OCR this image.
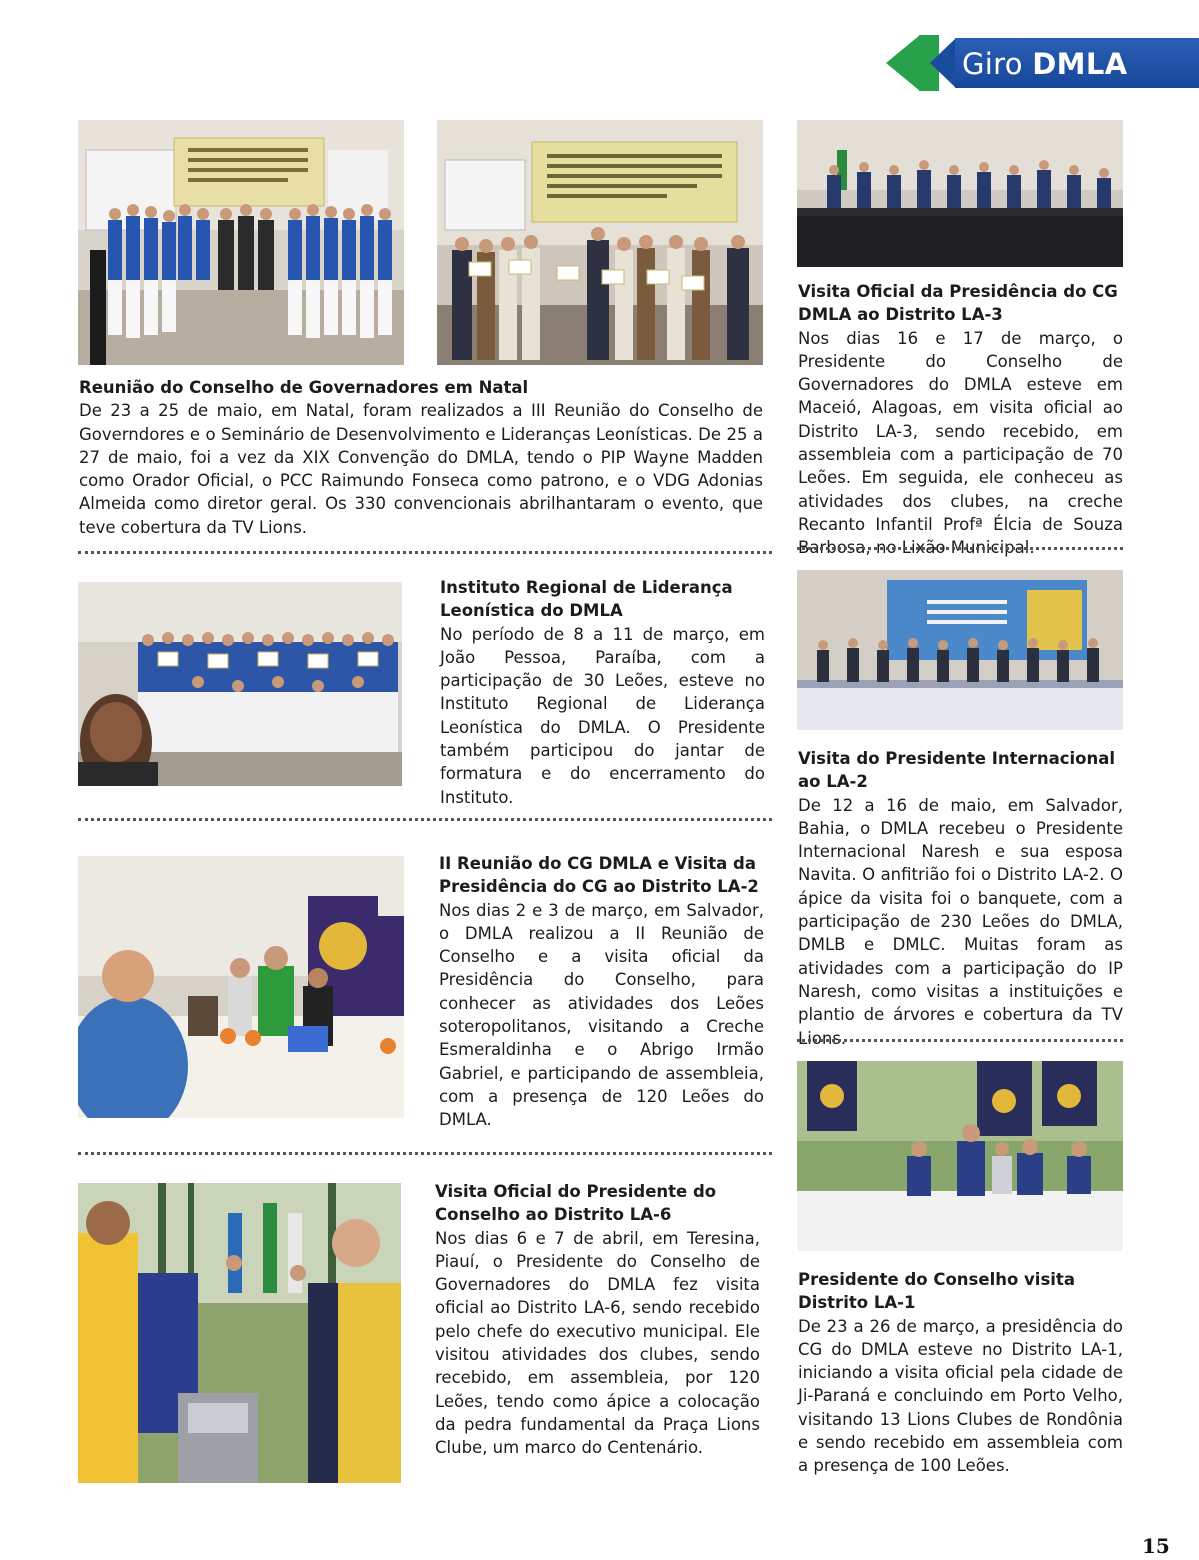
Giro DMLA

Reunião do Conselho de Governadores em Natal

De 23 a 25 de maio, em Natal, foram realizados a III Reunião do Conselho de Governdores e o Seminário de Desenvolvimento e Lideranças Leonísticas. De 25 a 27 de maio, foi a vez da XIX Convenção do DMLA, tendo o PIP Wayne Madden como Orador Oficial, o PCC Raimundo Fonseca como patrono, e o VDG Adonias Almeida como diretor geral. Os 330 convencionais abrilhantaram o evento, que teve cobertura da TV Lions.

Visita Oficial da Presidência do CG DMLA ao Distrito LA-3

Nos dias 16 e 17 de março, o Presidente do Conselho de Governadores do DMLA esteve em Maceió, Alagoas, em visita oficial ao Distrito LA-3, sendo recebido, em assembleia com a participação de 70 Leões. Em seguida, ele conheceu as atividades dos clubes, na creche Recanto Infantil Profª Élcia de Souza Barbosa, no Lixão Municipal.

Instituto Regional de Liderança Leonística do DMLA

No período de 8 a 11 de março, em João Pessoa, Paraíba, com a participação de 30 Leões, esteve no Instituto Regional de Liderança Leonística do DMLA. O Presidente também participou do jantar de formatura e do encerramento do Instituto.

Visita do Presidente Internacional ao LA-2

De 12 a 16 de maio, em Salvador, Bahia, o DMLA recebeu o Presidente Internacional Naresh e sua esposa Navita. O anfitrião foi o Distrito LA-2. O ápice da visita foi o banquete, com a participação de 230 Leões do DMLA, DMLB e DMLC. Muitas foram as atividades com a participação do IP Naresh, como visitas a instituições e plantio de árvores e cobertura da TV Lions.

II Reunião do CG DMLA e Visita da Presidência do CG ao Distrito LA-2

Nos dias 2 e 3 de março, em Salvador, o DMLA realizou a II Reunião de Conselho e a visita oficial da Presidência do Conselho, para conhecer as atividades dos Leões soteropolitanos, visitando a Creche Esmeraldinha e o Abrigo Irmão Gabriel, e participando de assembleia, com a presença de 120 Leões do DMLA.

Visita Oficial do Presidente do Conselho ao Distrito LA-6

Nos dias 6 e 7 de abril, em Teresina, Piauí, o Presidente do Conselho de Governadores do DMLA fez visita oficial ao Distrito LA-6, sendo recebido pelo chefe do executivo municipal. Ele visitou atividades dos clubes, sendo recebido, em assembleia, por 120 Leões, tendo como ápice a colocação da pedra fundamental da Praça Lions Clube, um marco do Centenário.

Presidente do Conselho visita Distrito LA-1

De 23 a 26 de março, a presidência do CG do DMLA esteve no Distrito LA-1, iniciando a visita oficial pela cidade de Ji-Paraná e concluindo em Porto Velho, visitando 13 Lions Clubes de Rondônia e sendo recebido em assembleia com a presença de 100 Leões.

15
